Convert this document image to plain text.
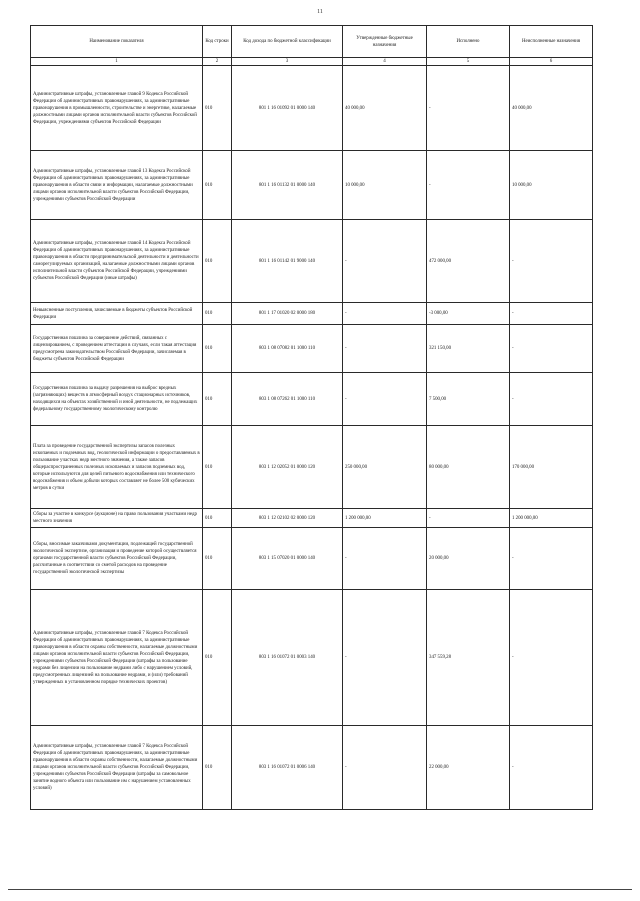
11
Наименование показателя	Код строки	Код дохода по бюджетной классификации	Утвержденные бюджетные назначения	Исполнено	Неисполненные назначения
1	2	3	4	5	6
Административные штрафы, установленные главой 9 Кодекса Российской Федерации об административных правонарушениях, за административные правонарушения в промышленности, строительстве и энергетике, налагаемые должностными лицами органов исполнительной власти субъектов Российской Федерации, учреждениями субъектов Российской Федерации	010	801 1 16 01092 01 0000 140	40 000,00	-	40 000,00
Административные штрафы, установленные главой 13 Кодекса Российской Федерации об административных правонарушениях, за административные правонарушения в области связи и информации, налагаемые должностными лицами органов исполнительной власти субъектов Российской Федерации, учреждениями субъектов Российской Федерации	010	801 1 16 01132 01 0000 140	10 000,00	-	10 000,00
Административные штрафы, установленные главой 14 Кодекса Российской Федерации об административных правонарушениях, за административные правонарушения в области предпринимательской деятельности и деятельности саморегулируемых организаций, налагаемые должностными лицами органов исполнительной власти субъектов Российской Федерации, учреждениями субъектов Российской Федерации (иные штрафы)	010	801 1 16 01142 01 9000 140	-	472 000,00	-
Невыясненные поступления, зачисляемые в бюджеты субъектов Российской Федерации	010	801 1 17 01020 02 0000 180	-	-3 000,00	-
Государственная пошлина за совершение действий, связанных с лицензированием, с проведением аттестации в случаях, если такая аттестация предусмотрена законодательством Российской Федерации, зачисляемая в бюджеты субъектов Российской Федерации	010	803 1 08 07082 01 1000 110	-	321 150,00	-
Государственная пошлина за выдачу разрешения на выброс вредных (загрязняющих) веществ в атмосферный воздух стационарных источников, находящихся на объектах хозяйственной и иной деятельности, не подлежащих федеральному государственному экологическому контролю	010	803 1 08 07262 01 1000 110	-	7 500,00	-
Плата за проведение государственной экспертизы запасов полезных ископаемых и подземных вод, геологической информации о предоставляемых в пользование участках недр местного значения, а также запасов общераспространенных полезных ископаемых и запасов подземных вод, которые используются для целей питьевого водоснабжения или технического водоснабжения и объем добычи которых составляет не более 500 кубических метров в сутки	010	803 1 12 02052 01 0000 120	250 000,00	80 000,00	170 000,00
Сборы за участие в конкурсе (аукционе) на право пользования участками недр местного значения	010	803 1 12 02102 02 0000 120	1 200 000,00	-	1 200 000,00
Сборы, вносимые заказчиками документации, подлежащей государственной экологической экспертизе, организация и проведение которой осуществляется органами государственной власти субъектов Российской Федерации, рассчитанные в соответствии со сметой расходов на проведение государственной экологической экспертизы	010	803 1 15 07020 01 0000 140	-	20 000,00	-
Административные штрафы, установленные главой 7 Кодекса Российской Федерации об административных правонарушениях, за административные правонарушения в области охраны собственности, налагаемые должностными лицами органов исполнительной власти субъектов Российской Федерации, учреждениями субъектов Российской Федерации (штрафы за пользование недрами без лицензии на пользование недрами либо с нарушением условий, предусмотренных лицензией на пользование недрами, и (или) требований утвержденных в установленном порядке технических проектов)	010	803 1 16 01072 01 0003 140	-	347 559,28	-
Административные штрафы, установленные главой 7 Кодекса Российской Федерации об административных правонарушениях, за административные правонарушения в области охраны собственности, налагаемые должностными лицами органов исполнительной власти субъектов Российской Федерации, учреждениями субъектов Российской Федерации (штрафы за самовольное занятие водного объекта или пользование им с нарушением установленных условий)	010	803 1 16 01072 01 0006 140	-	22 000,00	-
